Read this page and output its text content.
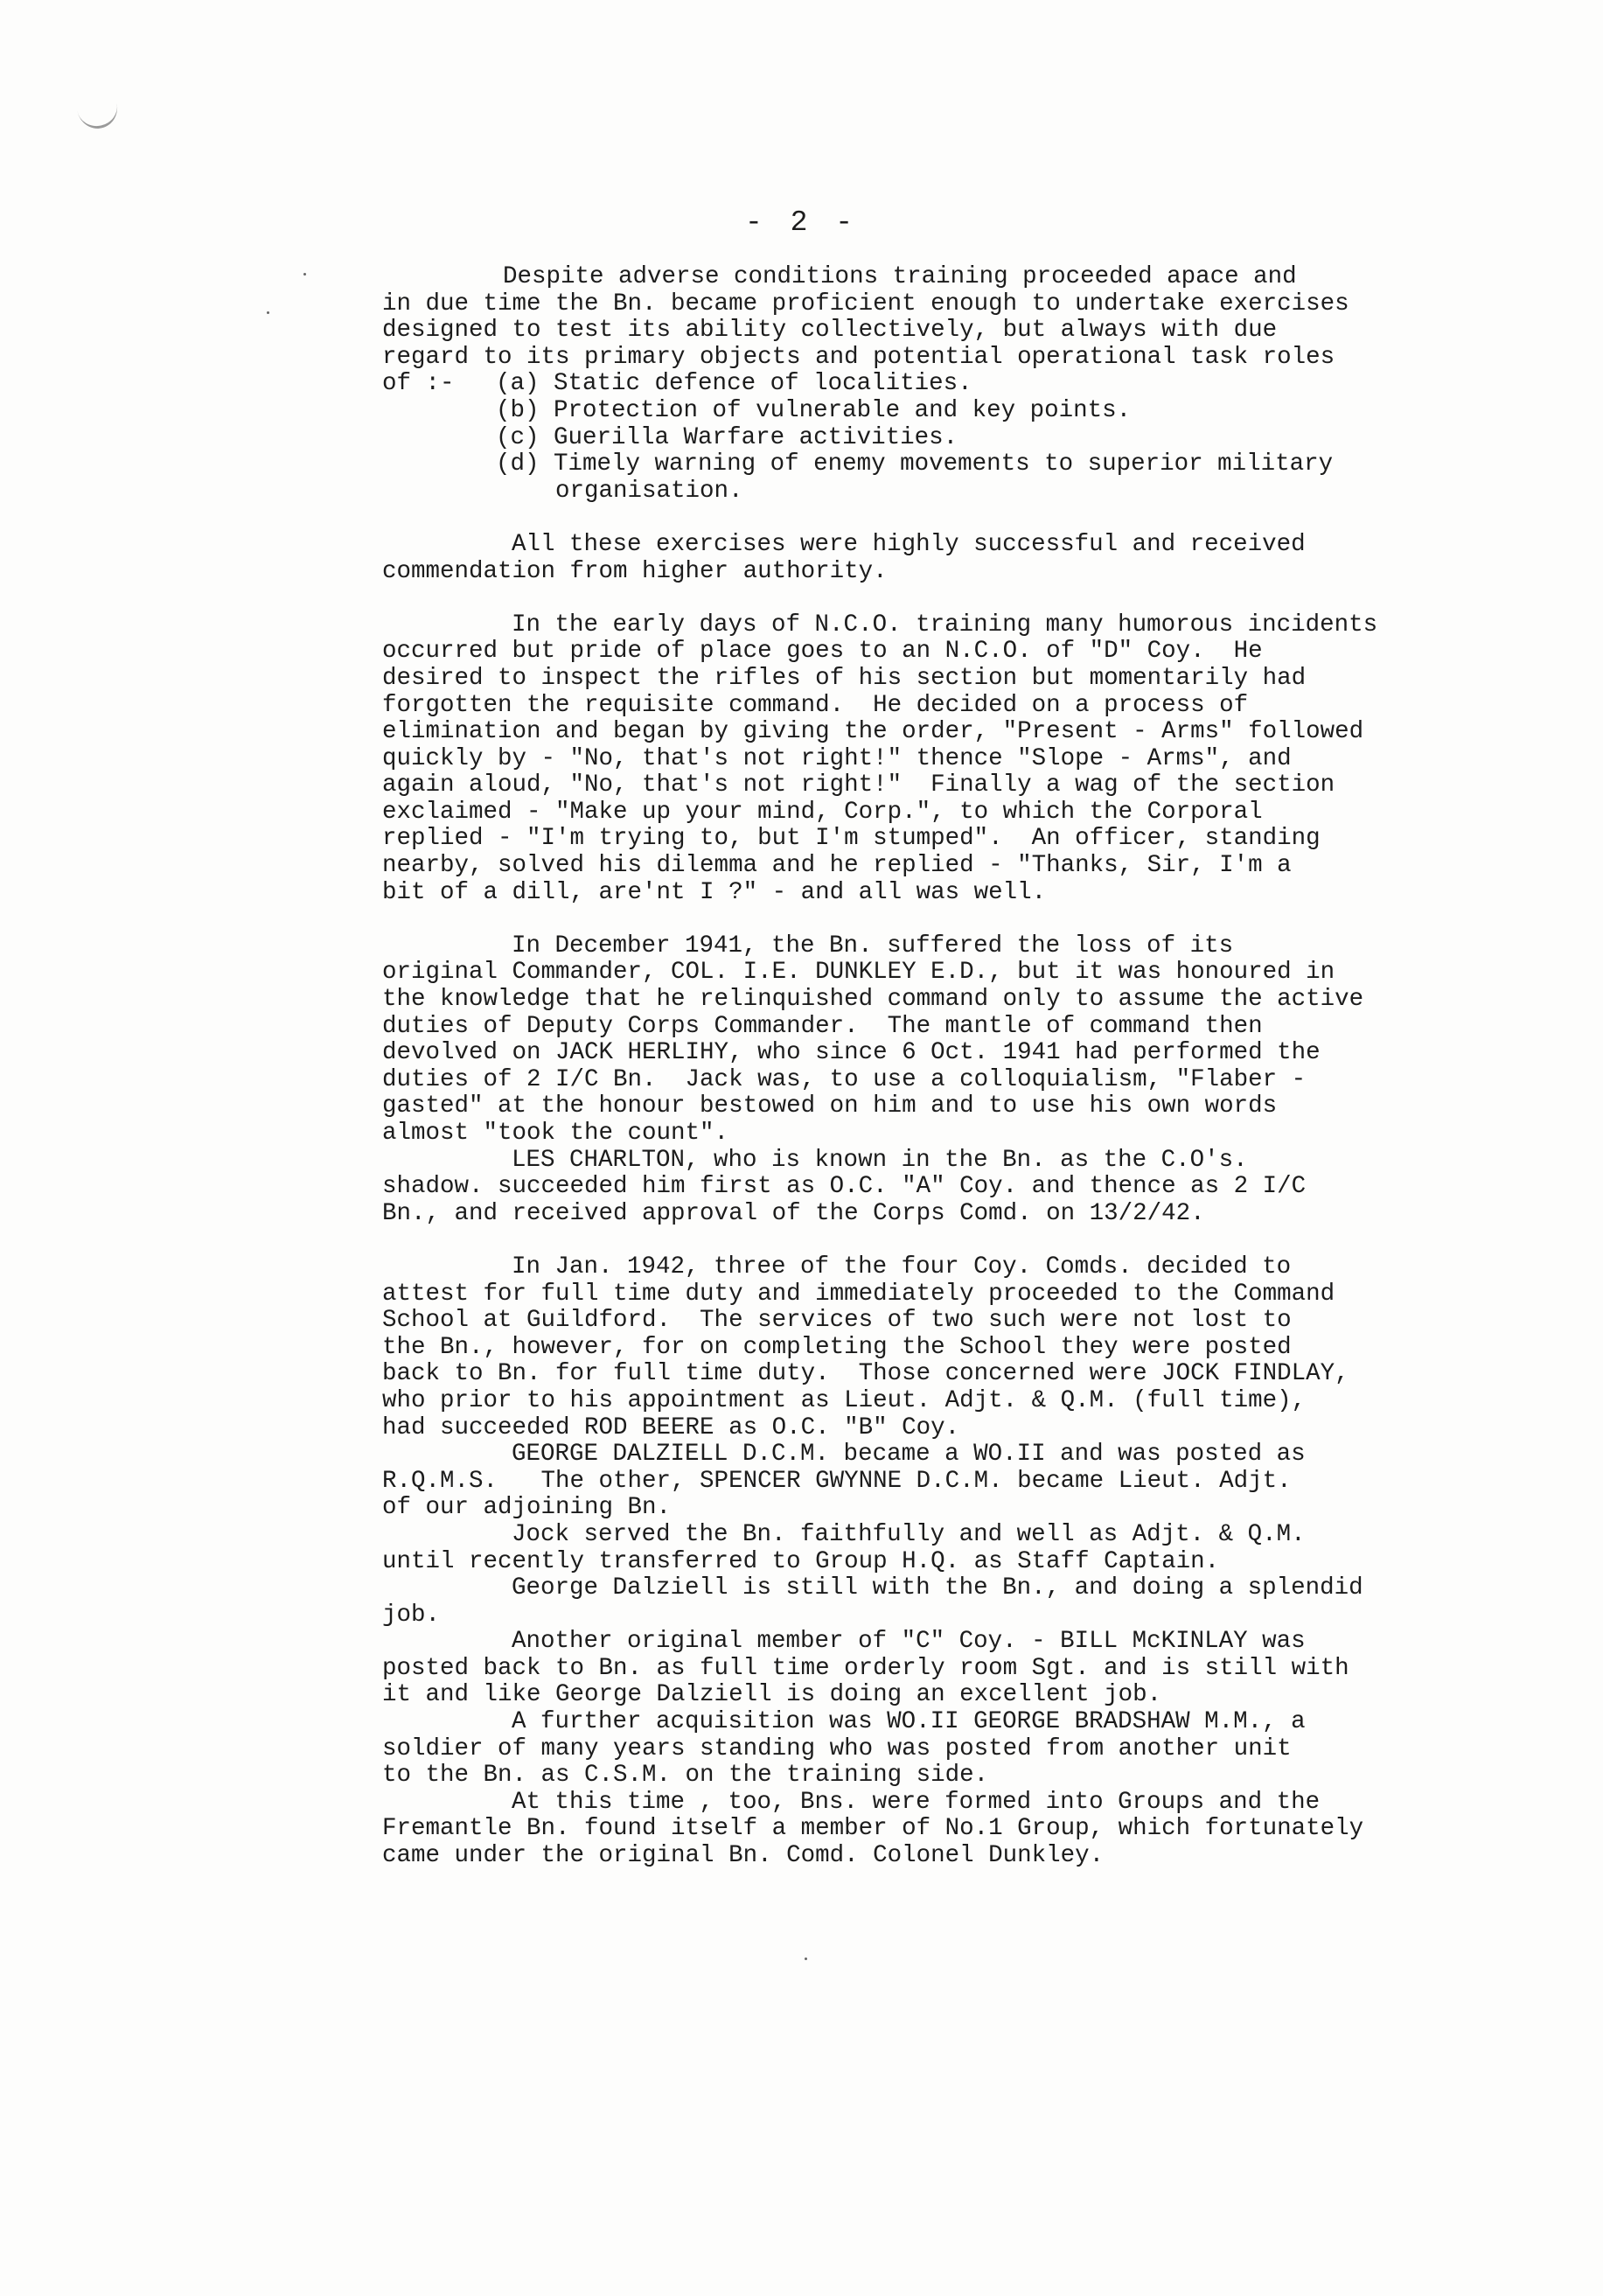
- 2 -
Despite adverse conditions training proceeded apace and
in due time the Bn. became proficient enough to undertake exercises
designed to test its ability collectively, but always with due
regard to its primary objects and potential operational task roles
of :-	(a) Static defence of localities.
(b) Protection of vulnerable and key points.
(c) Guerilla Warfare activities.
(d) Timely warning of enemy movements to superior military
organisation.
All these exercises were highly successful and received
commendation from higher authority.
In the early days of N.C.O. training many humorous incidents
occurred but pride of place goes to an N.C.O. of "D" Coy.  He
desired to inspect the rifles of his section but momentarily had
forgotten the requisite command.  He decided on a process of
elimination and began by giving the order, "Present - Arms" followed
quickly by - "No, that's not right!" thence "Slope - Arms", and
again aloud, "No, that's not right!"  Finally a wag of the section
exclaimed - "Make up your mind, Corp.", to which the Corporal
replied - "I'm trying to, but I'm stumped".  An officer, standing
nearby, solved his dilemma and he replied - "Thanks, Sir, I'm a
bit of a dill, are'nt I ?" - and all was well.
In December 1941, the Bn. suffered the loss of its
original Commander, COL. I.E. DUNKLEY E.D., but it was honoured in
the knowledge that he relinquished command only to assume the active
duties of Deputy Corps Commander.  The mantle of command then
devolved on JACK HERLIHY, who since 6 Oct. 1941 had performed the
duties of 2 I/C Bn.  Jack was, to use a colloquialism, "Flaber -
gasted" at the honour bestowed on him and to use his own words
almost "took the count".
LES CHARLTON, who is known in the Bn. as the C.O's.
shadow. succeeded him first as O.C. "A" Coy. and thence as 2 I/C
Bn., and received approval of the Corps Comd. on 13/2/42.
In Jan. 1942, three of the four Coy. Comds. decided to
attest for full time duty and immediately proceeded to the Command
School at Guildford.  The services of two such were not lost to
the Bn., however, for on completing the School they were posted
back to Bn. for full time duty.  Those concerned were JOCK FINDLAY,
who prior to his appointment as Lieut. Adjt. & Q.M. (full time),
had succeeded ROD BEERE as O.C. "B" Coy.
GEORGE DALZIELL D.C.M. became a WO.II and was posted as
R.Q.M.S.   The other, SPENCER GWYNNE D.C.M. became Lieut. Adjt.
of our adjoining Bn.
Jock served the Bn. faithfully and well as Adjt. & Q.M.
until recently transferred to Group H.Q. as Staff Captain.
George Dalziell is still with the Bn., and doing a splendid
job.
Another original member of "C" Coy. - BILL McKINLAY was
posted back to Bn. as full time orderly room Sgt. and is still with
it and like George Dalziell is doing an excellent job.
A further acquisition was WO.II GEORGE BRADSHAW M.M., a
soldier of many years standing who was posted from another unit
to the Bn. as C.S.M. on the training side.
At this time , too, Bns. were formed into Groups and the
Fremantle Bn. found itself a member of No.1 Group, which fortunately
came under the original Bn. Comd. Colonel Dunkley.
